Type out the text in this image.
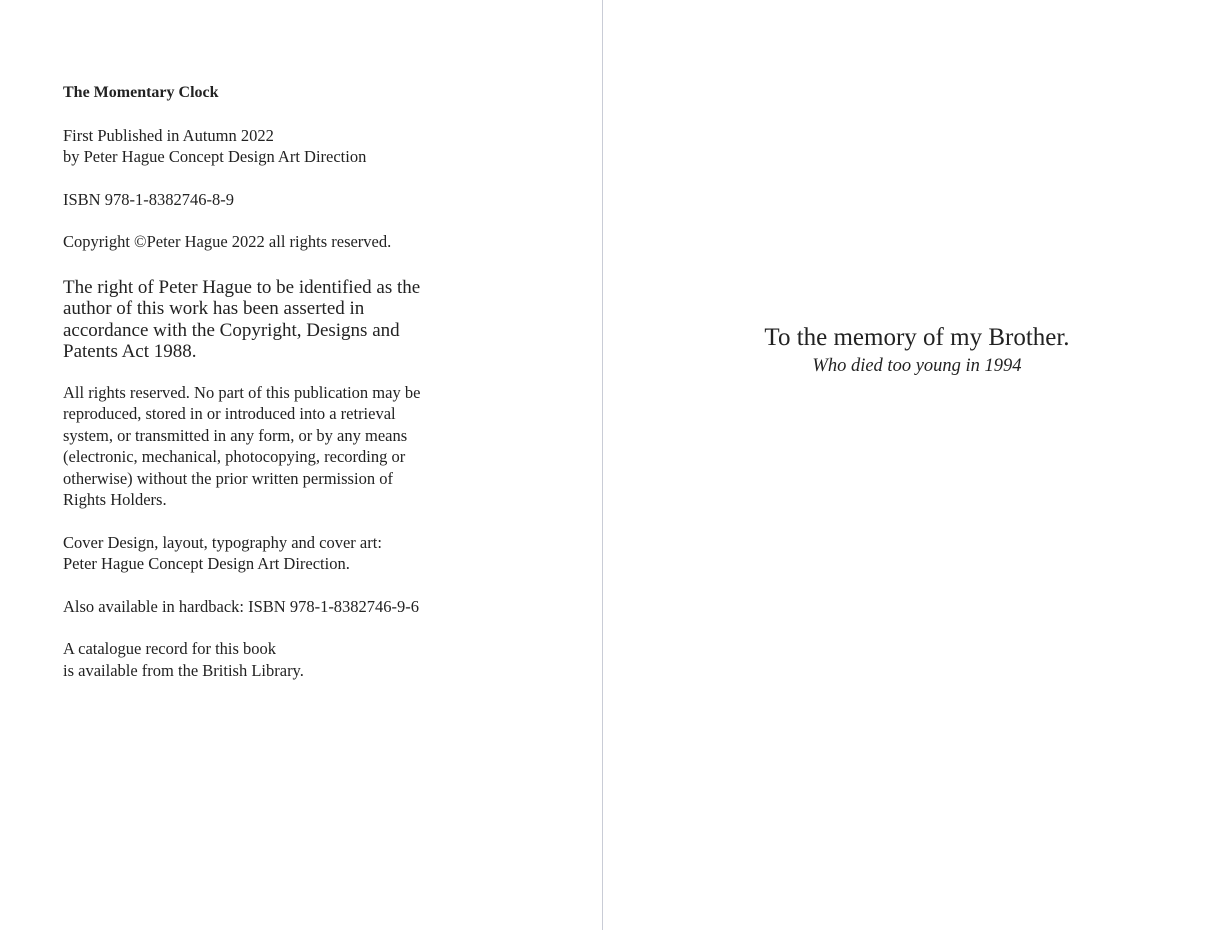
The Momentary Clock

First Published in Autumn 2022

by Peter Hague Concept Design Art Direction

ISBN 978-1-8382746-8-9

Copyright ©Peter Hague 2022 all rights reserved.

The right of Peter Hague to be identified as the

author of this work has been asserted in

accordance with the Copyright, Designs and

Patents Act 1988.

All rights reserved. No part of this publication may be

reproduced, stored in or introduced into a retrieval

system, or transmitted in any form, or by any means

(electronic, mechanical, photocopying, recording or

otherwise) without the prior written permission of

Rights Holders.

Cover Design, layout, typography and cover art:

Peter Hague Concept Design Art Direction.

Also available in hardback: ISBN 978-1-8382746-9-6

A catalogue record for this book

is available from the British Library.

To the memory of my Brother.

Who died too young in 1994
